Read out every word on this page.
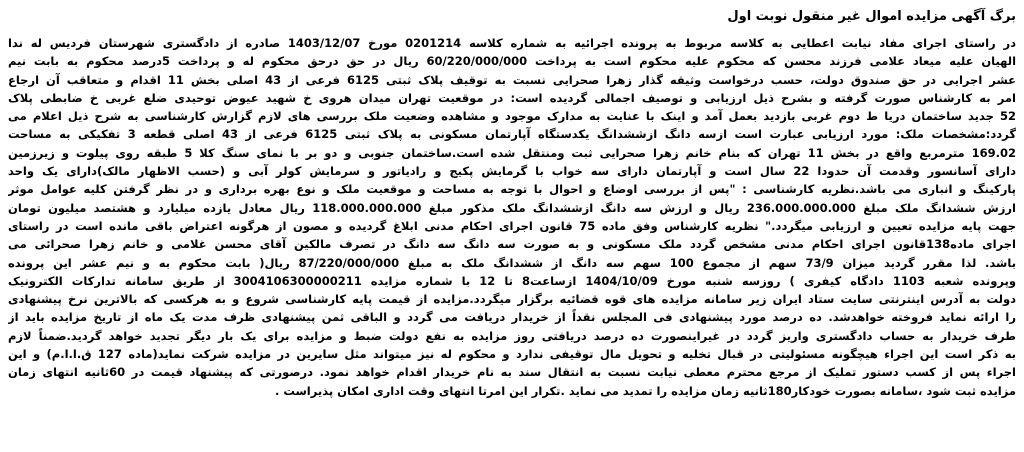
برگ آگهی مزایده اموال غیر منقول نوبت اول
در راستای اجرای مفاد نیابت اعطایی به کلاسه مربوط به پرونده اجرائیه به شماره کلاسه 0201214 مورخ 1403/12/07 صادره از دادگستری شهرستان فردیس له ندا
الهیان علیه میعاد علامی فرزند محسن که محکوم علیه محکوم است به پرداخت 60/220/000/000 ریال در حق درحق محکوم له و پرداخت 5درصد محکوم به بابت نیم
عشر اجرایی در حق صندوق دولت، حسب درخواست وثیقه گذار زهرا صحرایی نسبت به توقیف پلاک ثبتی 6125 فرعی از 43 اصلی بخش 11 اقدام و متعاقب آن ارجاع
امر به کارشناس صورت گرفته و بشرح ذیل ارزیابی و توصیف اجمالی گردیده است: در موقعیت تهران میدان هروی خ شهید عیوض توحیدی ضلع غربی خ ضابطی پلاک
52 جدید ساختمان دریا ط دوم غربی بازدید بعمل آمد و اینک با عنایت به مدارک موجود و مشاهده وضعیت ملک بررسی های لازم گزارش کارشناسی به شرح ذیل اعلام می
گردد:مشخصات ملک: مورد ارزیابی عبارت است ازسه دانگ ازششدانگ یکدستگاه آپارتمان مسکونی به پلاک ثبتی 6125 فرعی از 43 اصلی قطعه 3 تفکیکی به مساحت
169.02 مترمربع واقع در بخش 11 تهران که بنام خانم زهرا صحرایی ثبت ومنتقل شده است.ساختمان جنوبی و دو بر با نمای سنگ کلا 5 طبقه روی پیلوت و زیرزمین
دارای آسانسور وقدمت آن حدودا 22 سال است و آپارتمان دارای سه خواب با گرمایش پکیج و رادیاتور و سرمایش کولر آبی و (حسب الاظهار مالک)دارای یک واحد
پارکینگ و انباری می باشد.نظریه کارشناسی : "پس از بررسی اوضاع و احوال با توجه به مساحت و موقعیت ملک و نوع بهره برداری و در نظر گرفتن کلیه عوامل موثر
ارزش ششدانگ ملک مبلغ 236.000.000.000 ریال و ارزش سه دانگ ازششدانگ ملک مذکور مبلغ 118.000.000.000 ریال معادل یازده میلیارد و هشتصد میلیون تومان
جهت پایه مزایده تعیین و ارزیابی میگردد." نظریه کارشناس وفق ماده 75 قانون اجرای احکام مدنی ابلاغ گردیده و مصون از هرگونه اعتراض باقی مانده است در راستای
اجرای ماده138قانون اجرای احکام مدنی مشخص گردد ملک مسکونی و به صورت سه دانگ سه دانگ در تصرف مالکین آقای محسن غلامی و خانم زهرا صحرائی می
باشد. لذا مقرر گردید میزان 73/9 سهم از مجموع 100 سهم سه دانگ از ششدانگ ملک به مبلغ 87/220/000/000 ریال( بابت محکوم به و نیم عشر این پرونده
وپرونده شعبه 1103 دادگاه کیفری ) روزسه شنبه مورخ 1404/10/09 ازساعت8 تا 12 با شماره مزایده 3004106300000211 از طریق سامانه تدارکات الکترونیک
دولت به آدرس اینترنتی سایت ستاد ایران زیر سامانه مزایده های قوه قضائیه برگزار میگردد.مزایده از قیمت پایه کارشناسی شروع و به هرکسی که بالاترین نرخ پیشنهادی
را ارائه نماید فروخته خواهدشد. ده درصد مورد پیشنهادی فی المجلس نقداً از خریدار دریافت می گردد و الباقی ثمن پیشنهادی ظرف مدت یک ماه از تاریخ مزایده باید از
طرف خریدار به حساب دادگستری واریز گردد در غیراینصورت ده درصد دریافتی روز مزایده به نفع دولت ضبط و مزایده برای یک بار دیگر تجدید خواهد گردید.ضمناً لازم
به ذکر است این اجراء هیچگونه مسئولیتی در قبال تخلیه و تحویل مال توقیفی ندارد و محکوم له نیز میتواند مثل سایرین در مزایده شرکت نماید(ماده 127 ق.ا.ا.م) و این
اجراء پس از کسب دستور تملیک از مرجع محترم معطی نیابت نسبت به انتقال سند به نام خریدار اقدام خواهد نمود. درصورتی که پیشنهاد قیمت در 60ثانیه انتهای زمان
مزایده ثبت شود ،سامانه بصورت خودکار180ثانیه زمان مزایده را تمدید می نماید .تکرار این امرتا انتهای وقت اداری امکان پذیراست .
